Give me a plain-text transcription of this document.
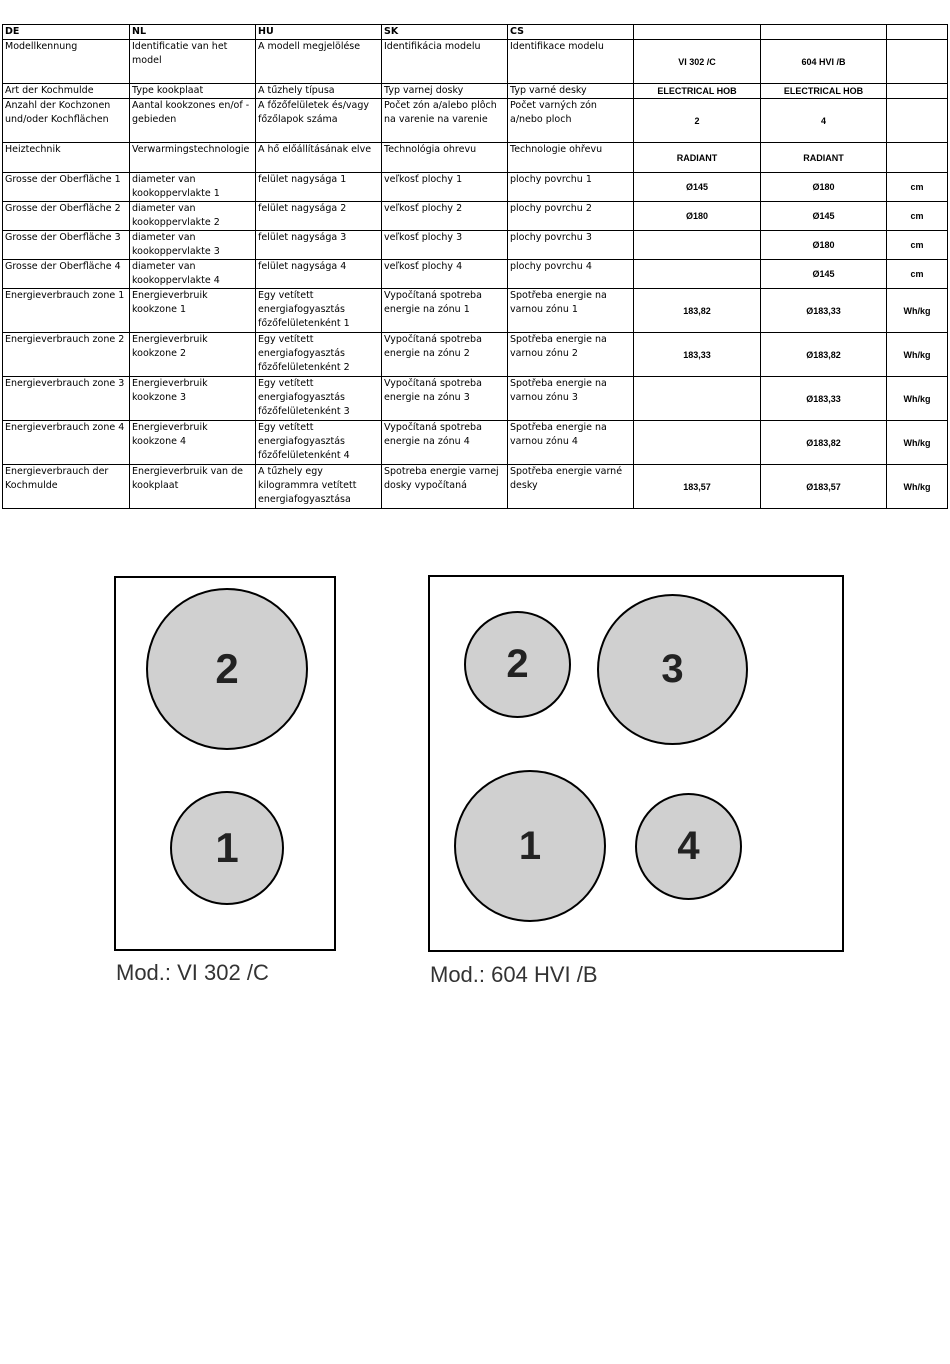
DE	NL	HU	SK	CS			
Modellkennung	Identificatie van het model	A modell megjelölése	Identifikácia modelu	Identifikace modelu	VI 302 /C	604 HVI /B	
Art der Kochmulde	Type kookplaat	A tűzhely típusa	Typ varnej dosky	Typ varné desky	ELECTRICAL HOB	ELECTRICAL HOB	
Anzahl der Kochzonen und/oder Kochflächen	Aantal kookzones en/of -gebieden	A főzőfelületek és/vagy főzőlapok száma	Počet zón a/alebo plôch na varenie na varenie	Počet varných zón a/nebo ploch	2	4	
Heiztechnik	Verwarmingstechnologie	A hő előállításának elve	Technológia ohrevu	Technologie ohřevu	RADIANT	RADIANT	
Grosse der Oberfläche 1	diameter van kookoppervlakte 1	felület nagysága 1	veľkosť plochy 1	plochy povrchu 1	Ø145	Ø180	cm
Grosse der Oberfläche 2	diameter van kookoppervlakte 2	felület nagysága 2	veľkosť plochy 2	plochy povrchu 2	Ø180	Ø145	cm
Grosse der Oberfläche 3	diameter van kookoppervlakte 3	felület nagysága 3	veľkosť plochy 3	plochy povrchu 3		Ø180	cm
Grosse der Oberfläche 4	diameter van kookoppervlakte 4	felület nagysága 4	veľkosť plochy 4	plochy povrchu 4		Ø145	cm
Energieverbrauch zone 1	Energieverbruik kookzone 1	Egy vetített energiafogyasztás főzőfelületenként 1	Vypočítaná spotreba energie na zónu 1	Spotřeba energie na varnou zónu 1	183,82	Ø183,33	Wh/kg
Energieverbrauch zone 2	Energieverbruik kookzone 2	Egy vetített energiafogyasztás főzőfelületenként 2	Vypočítaná spotreba energie na zónu 2	Spotřeba energie na varnou zónu 2	183,33	Ø183,82	Wh/kg
Energieverbrauch zone 3	Energieverbruik kookzone 3	Egy vetített energiafogyasztás főzőfelületenként 3	Vypočítaná spotreba energie na zónu 3	Spotřeba energie na varnou zónu 3		Ø183,33	Wh/kg
Energieverbrauch zone 4	Energieverbruik kookzone 4	Egy vetített energiafogyasztás főzőfelületenként 4	Vypočítaná spotreba energie na zónu 4	Spotřeba energie na varnou zónu 4		Ø183,82	Wh/kg
Energieverbrauch der Kochmulde	Energieverbruik van de kookplaat	A tűzhely egy kilogrammra vetített energiafogyasztása	Spotreba energie varnej dosky vypočítaná	Spotřeba energie varné desky	183,57	Ø183,57	Wh/kg
2
1
Mod.: VI 302 /C
2	3
1	4
Mod.: 604 HVI /B
